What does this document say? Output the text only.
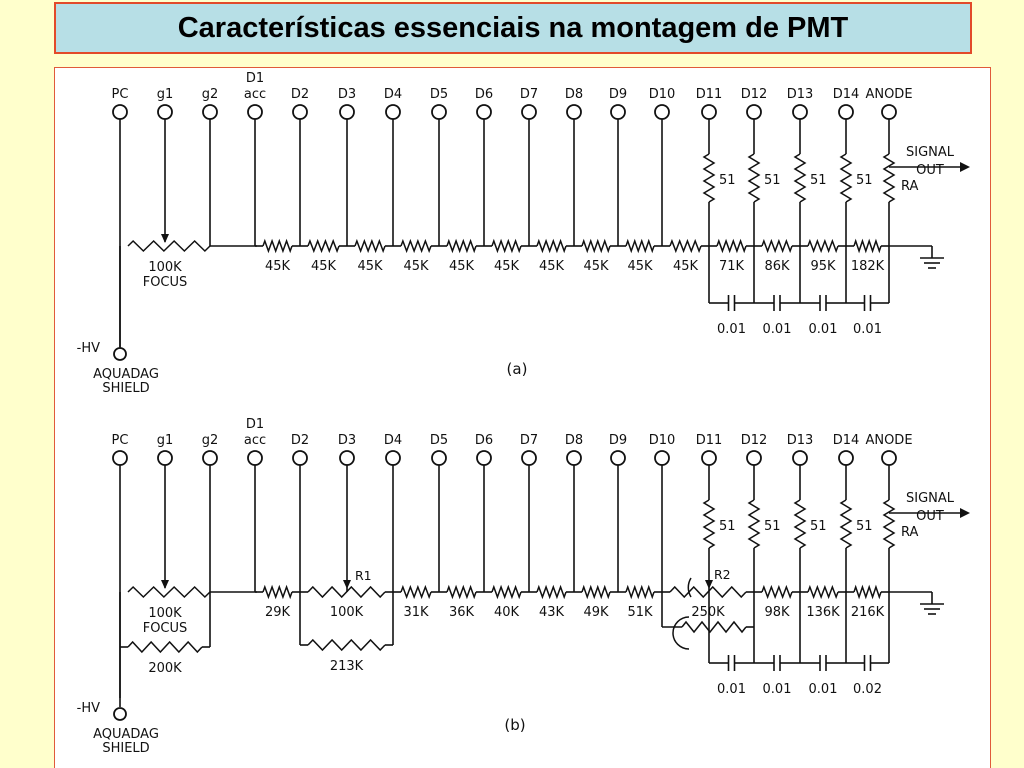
Características essenciais na montagem de PMT
PC g1 g2 acc D2 D3 D4 D5 D6 D7 D8 D9 D10 D11 D12 D13 D14 ANODE
D1
-HV
AQUADAG
SHIELD
100K
FOCUS
45K 45K 45K 45K 45K 45K 45K 45K 45K 45K 71K 86K 95K 182K
51 51 51 51 RA
SIGNAL
OUT
0.01 0.01 0.01 0.01
(a)
PC g1 g2 acc D2 D3 D4 D5 D6 D7 D8 D9 D10 D11 D12 D13 D14 ANODE
D1
-HV
AQUADAG
SHIELD
100K
FOCUS
R1
29K	100K	31K 36K 40K 43K 49K 51K	250K	98K 136K 216K
51 51 51 51 RA
SIGNAL
OUT
0.01 0.01 0.01 0.02
200K	213K
R2
(b)
